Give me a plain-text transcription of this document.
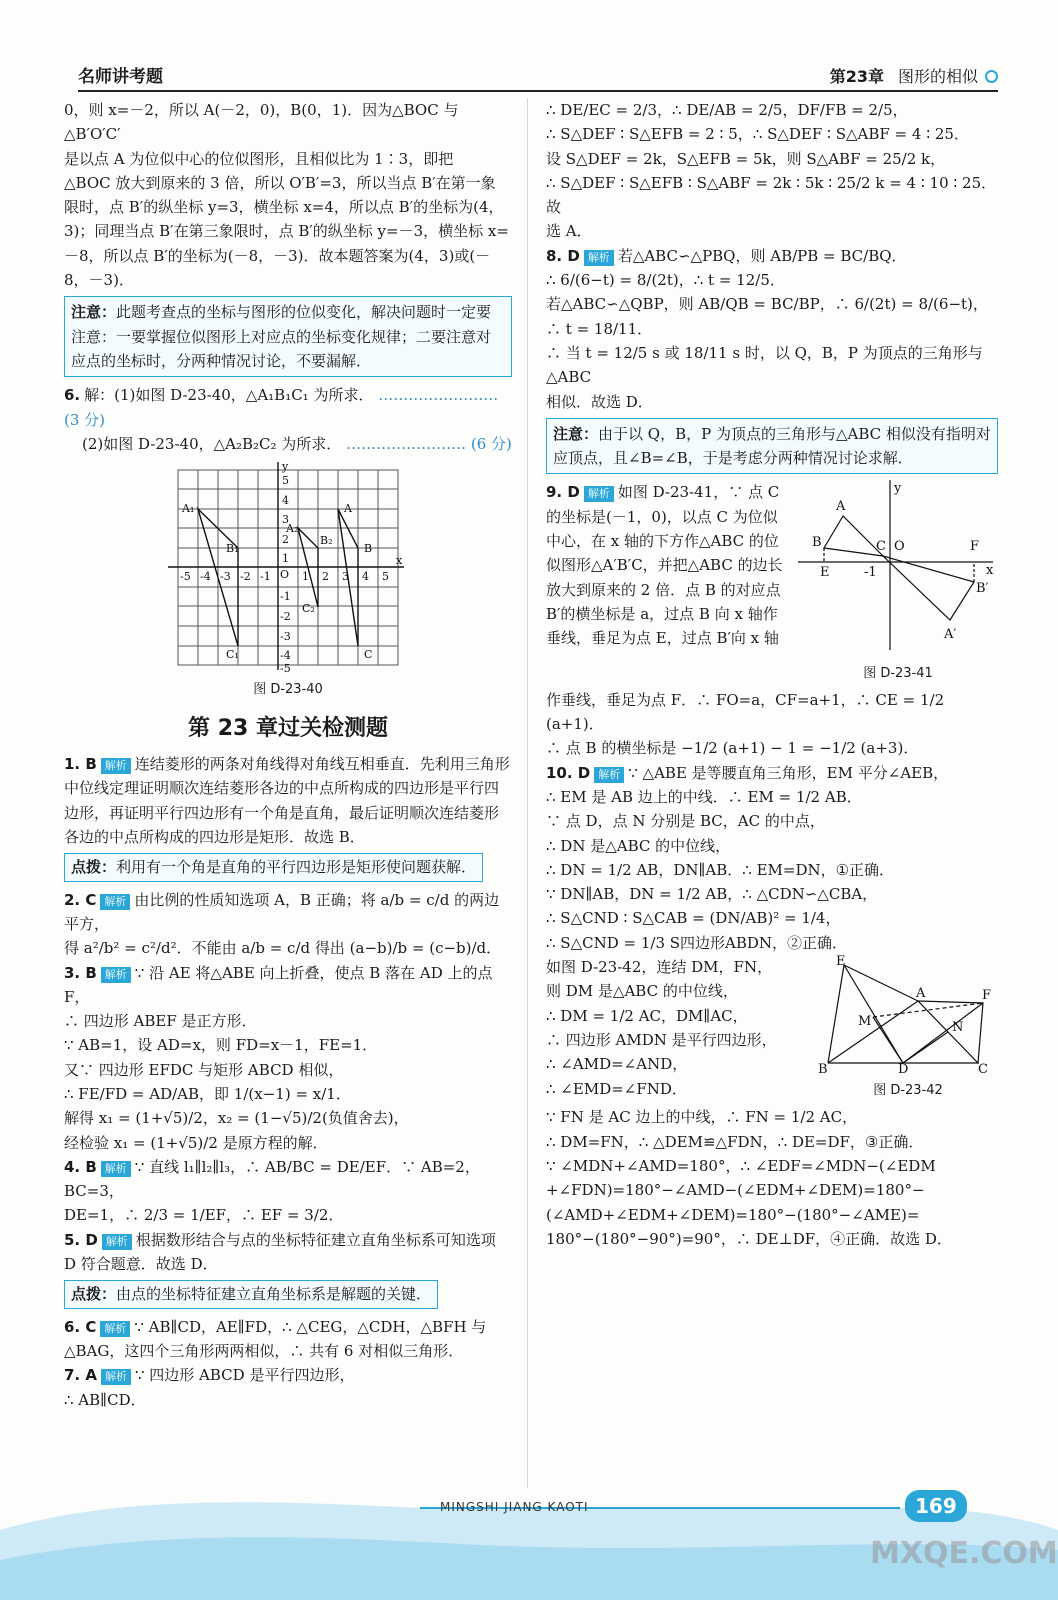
名师讲考题	第23章 图形的相似

0，则 x=－2，所以 A(－2，0)，B(0，1)．因为△BOC 与△B′O′C′

是以点 A 为位似中心的位似图形，且相似比为 1∶3，即把

△BOC 放大到原来的 3 倍，所以 O′B′=3，所以当点 B′在第一象

限时，点 B′的纵坐标 y=3，横坐标 x=4，所以点 B′的坐标为(4，

3)；同理当点 B′在第三象限时，点 B′的纵坐标 y=－3，横坐标 x=

－8，所以点 B′的坐标为(－8，－3)．故本题答案为(4，3)或(－8，－3)．

注意：此题考查点的坐标与图形的位似变化，解决问题时一定要注意：一要掌握位似图形上对应点的坐标变化规律；二要注意对应点的坐标时，分两种情况讨论，不要漏解．

6. 解：(1)如图 D-23-40，△A₁B₁C₁ 为所求． …………………… (3 分)

(2)如图 D-23-40，△A₂B₂C₂ 为所求． …………………… (6 分)

y
x
O
A₁
B₁
C₁
A₂
B₂
C₂
A
B
C
-5 -4 -3 -2 -1	1 2 3 4 5
5
4
3
2
1
-1
-2
-3
-4
-5
图 D-23-40
第 23 章过关检测题

1. B 解析 连结菱形的两条对角线得对角线互相垂直．先利用三角形中位线定理证明顺次连结菱形各边的中点所构成的四边形是平行四边形，再证明平行四边形有一个角是直角，最后证明顺次连结菱形各边的中点所构成的四边形是矩形．故选 B．

点拨：利用有一个角是直角的平行四边形是矩形使问题获解．

2. C 解析 由比例的性质知选项 A，B 正确；将 a/b = c/d 的两边平方，

得 a²/b² = c²/d²．不能由 a/b = c/d 得出 (a−b)/b = (c−b)/d．

3. B 解析 ∵ 沿 AE 将△ABE 向上折叠，使点 B 落在 AD 上的点 F，

∴ 四边形 ABEF 是正方形．

∵ AB=1，设 AD=x，则 FD=x－1，FE=1．

又∵ 四边形 EFDC 与矩形 ABCD 相似，

∴ FE/FD = AD/AB，即 1/(x−1) = x/1．

解得 x₁ = (1+√5)/2，x₂ = (1−√5)/2(负值舍去)，

经检验 x₁ = (1+√5)/2 是原方程的解．

4. B 解析 ∵ 直线 l₁∥l₂∥l₃，∴ AB/BC = DE/EF．∵ AB=2，BC=3，

DE=1，∴ 2/3 = 1/EF，∴ EF = 3/2．

5. D 解析 根据数形结合与点的坐标特征建立直角坐标系可知选项 D 符合题意．故选 D．

点拨：由点的坐标特征建立直角坐标系是解题的关键．

6. C 解析 ∵ AB∥CD，AE∥FD，∴ △CEG，△CDH，△BFH 与△BAG，这四个三角形两两相似，∴ 共有 6 对相似三角形．

7. A 解析 ∵ 四边形 ABCD 是平行四边形，

∴ AB∥CD．

∴ DE/EC = 2/3，∴ DE/AB = 2/5，DF/FB = 2/5，

∴ S△DEF ∶ S△EFB = 2 ∶ 5，∴ S△DEF ∶ S△ABF = 4 ∶ 25．

设 S△DEF = 2k，S△EFB = 5k，则 S△ABF = 25/2 k，

∴ S△DEF ∶ S△EFB ∶ S△ABF = 2k ∶ 5k ∶ 25/2 k = 4 ∶ 10 ∶ 25．故

选 A．

8. D 解析 若△ABC∽△PBQ，则 AB/PB = BC/BQ．

∴ 6/(6−t) = 8/(2t)，∴ t = 12/5．

若△ABC∽△QBP，则 AB/QB = BC/BP，∴ 6/(2t) = 8/(6−t)，∴ t = 18/11．

∴ 当 t = 12/5 s 或 18/11 s 时，以 Q，B，P 为顶点的三角形与△ABC

相似．故选 D．

注意：由于以 Q，B，P 为顶点的三角形与△ABC 相似没有指明对应顶点，且∠B=∠B，于是考虑分两种情况讨论求解．
y
A
B	C O	F
E	-1	x
B′
A′
图 D-23-41

9. D 解析 如图 D-23-41，∵ 点 C 的坐标是(－1，0)，以点 C 为位似中心，在 x 轴的下方作△ABC 的位似图形△A′B′C，并把△ABC 的边长放大到原来的 2 倍．点 B 的对应点 B′的横坐标是 a，过点 B 向 x 轴作垂线，垂足为点 E，过点 B′向 x 轴

作垂线，垂足为点 F．∴ FO=a，CF=a+1，∴ CE = 1/2 (a+1)．

∴ 点 B 的横坐标是 −1/2 (a+1) − 1 = −1/2 (a+3)．

10. D 解析 ∵ △ABE 是等腰直角三角形，EM 平分∠AEB，

∴ EM 是 AB 边上的中线．∴ EM = 1/2 AB．

∵ 点 D，点 N 分别是 BC，AC 的中点，

∴ DN 是△ABC 的中位线，

∴ DN = 1/2 AB，DN∥AB．∴ EM=DN，①正确．

∵ DN∥AB，DN = 1/2 AB，∴ △CDN∽△CBA，

∴ S△CND ∶ S△CAB = (DN/AB)² = 1/4，

∴ S△CND = 1/3 S四边形ABDN，②正确．

E
A	F
M	N
B	D	C
图 D-23-42

如图 D-23-42，连结 DM，FN，

则 DM 是△ABC 的中位线，

∴ DM = 1/2 AC，DM∥AC，

∴ 四边形 AMDN 是平行四边形，

∴ ∠AMD=∠AND，

∴ ∠EMD=∠FND．

∵ FN 是 AC 边上的中线，∴ FN = 1/2 AC，

∴ DM=FN，∴ △DEM≌△FDN，∴ DE=DF，③正确．

∵ ∠MDN+∠AMD=180°，∴ ∠EDF=∠MDN−(∠EDM

+∠FDN)=180°−∠AMD−(∠EDM+∠DEM)=180°−

(∠AMD+∠EDM+∠DEM)=180°−(180°−∠AME)=

180°−(180°−90°)=90°，∴ DE⊥DF，④正确．故选 D．

MINGSHI JIANG KAOTI	169
MXQE.COM
